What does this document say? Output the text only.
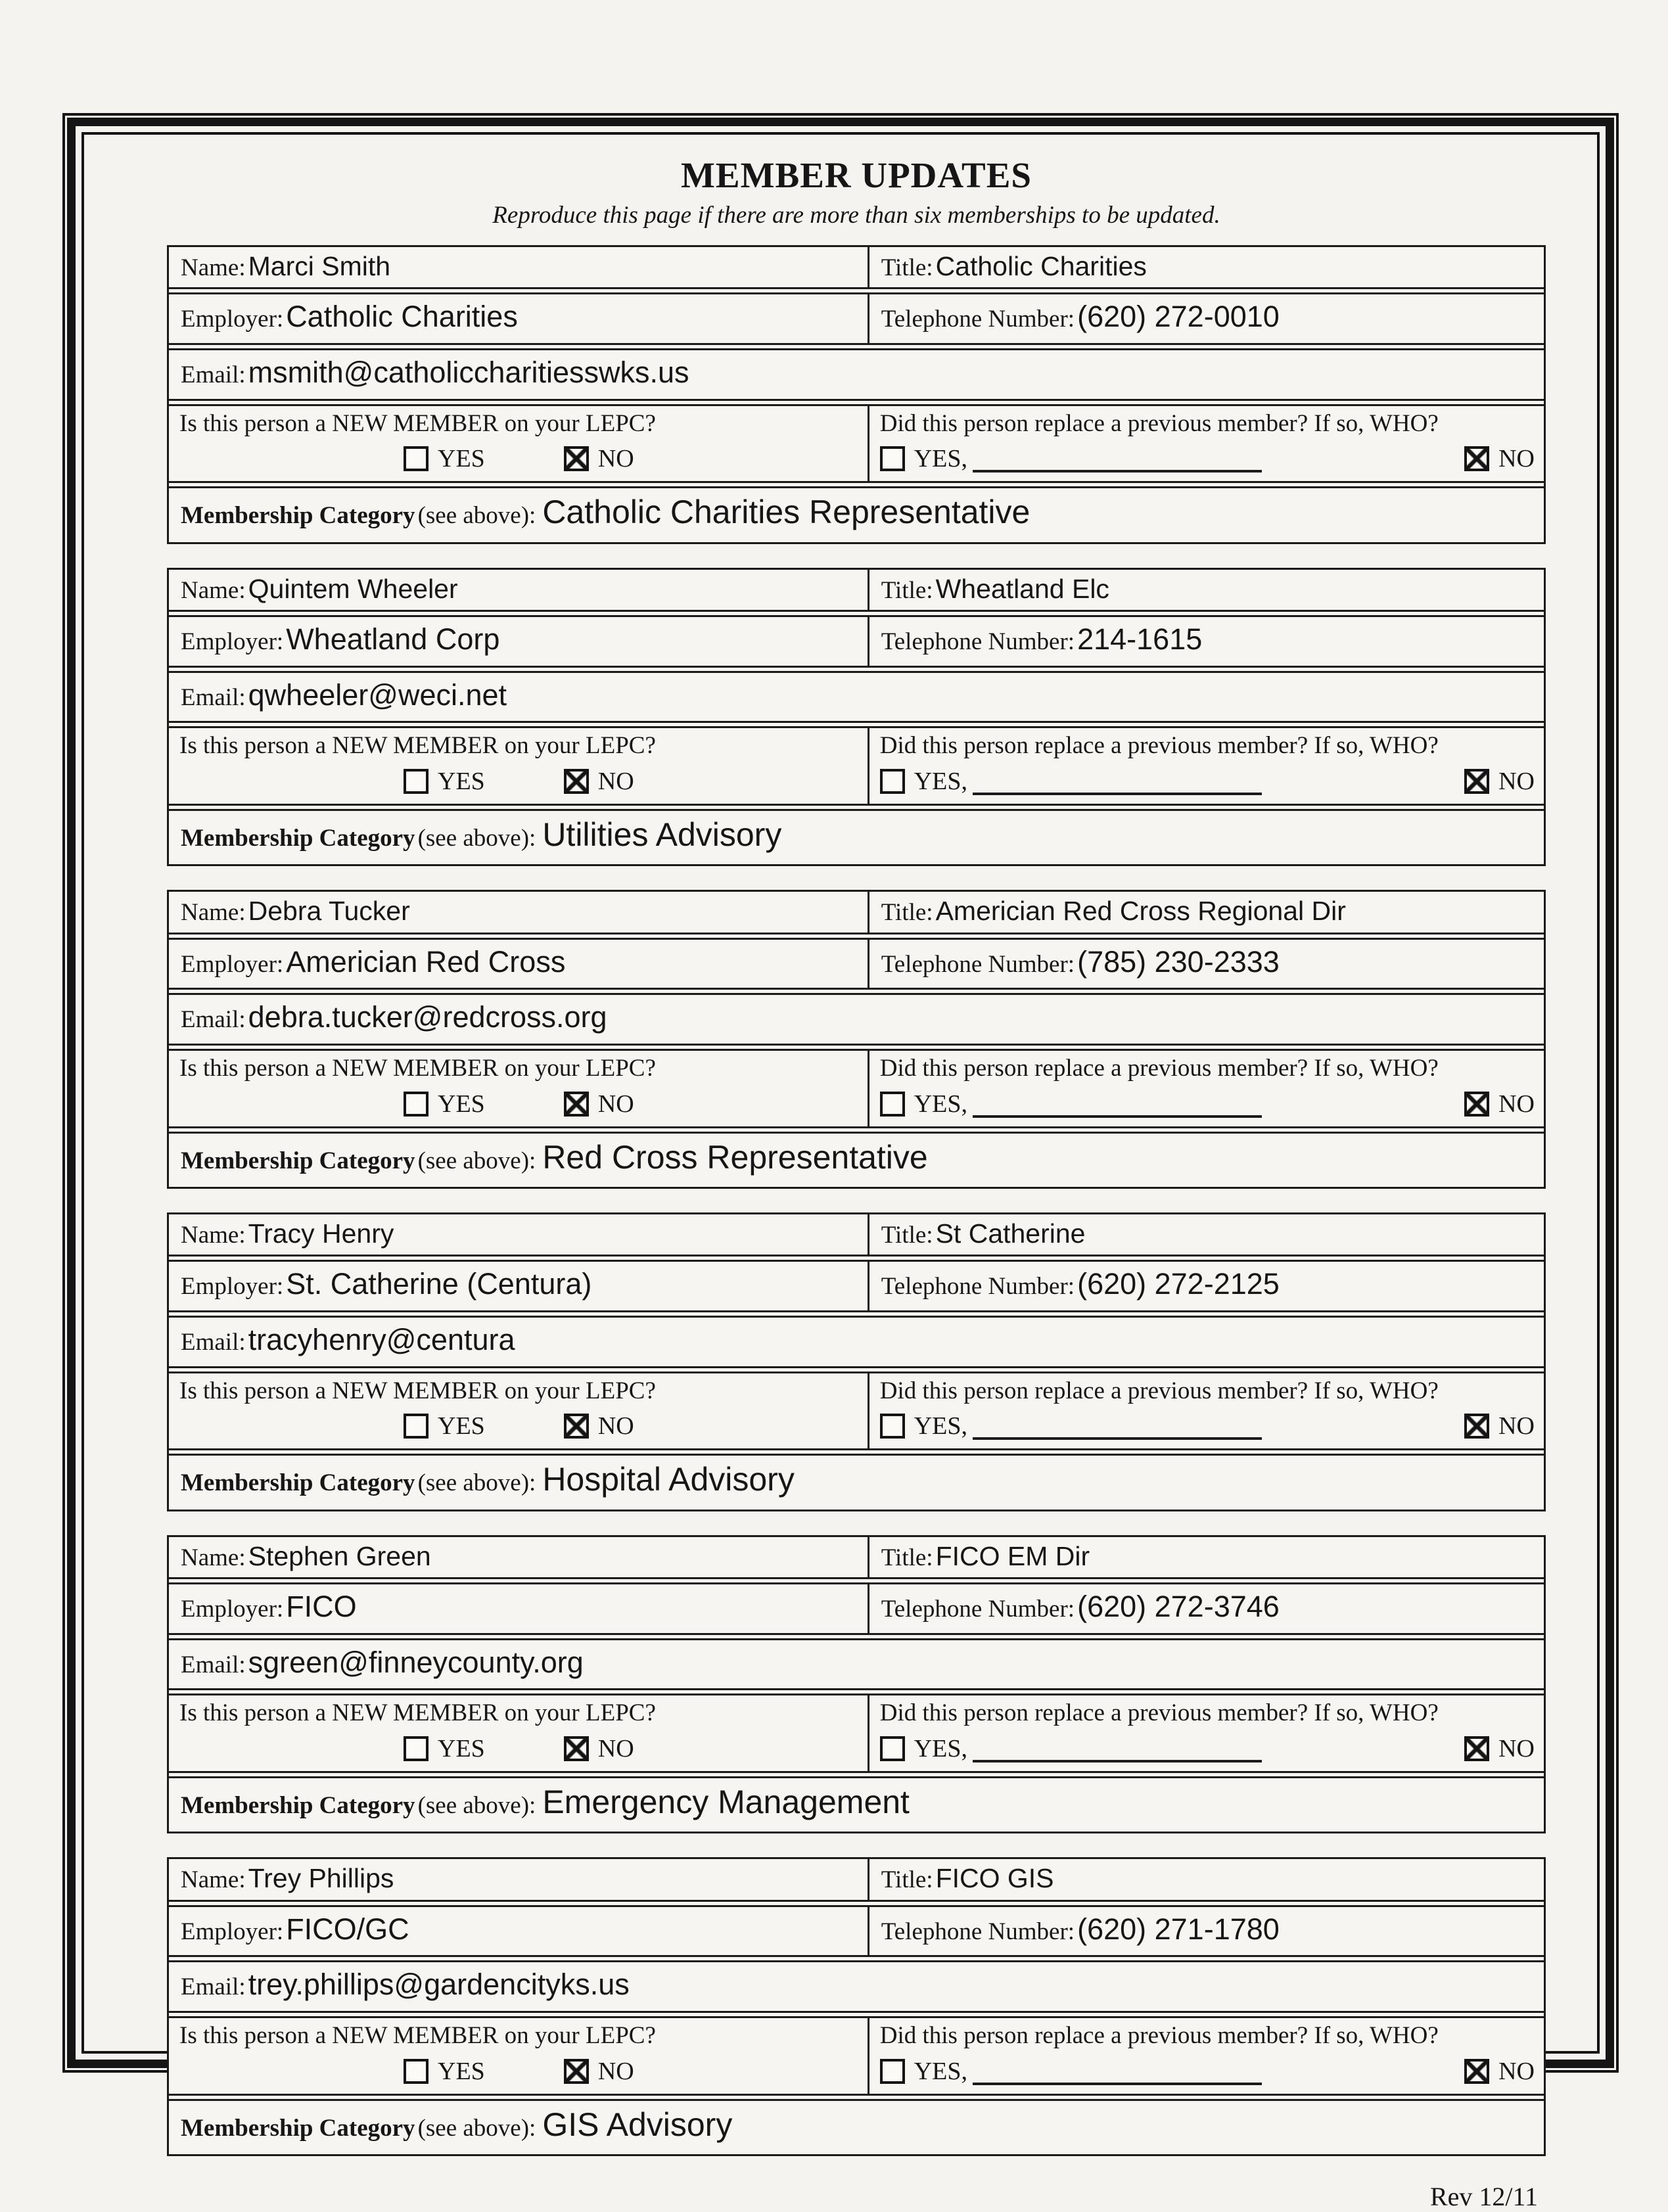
MEMBER UPDATES

Reproduce this page if there are more than six memberships to be updated.

Name: Marci Smith	Title: Catholic Charities
Employer: Catholic Charities	Telephone Number: (620) 272-0010
Email: msmith@catholiccharitiesswks.us
Is this person a NEW MEMBER on your LEPC?
YES	NO
Did this person replace a previous member? If so, WHO?
YES,	NO
Membership Category (see above): Catholic Charities Representative
Name: Quintem Wheeler	Title: Wheatland Elc
Employer: Wheatland Corp	Telephone Number: 214-1615
Email: qwheeler@weci.net
Is this person a NEW MEMBER on your LEPC?
YES	NO
Did this person replace a previous member? If so, WHO?
YES,	NO
Membership Category (see above): Utilities Advisory
Name: Debra Tucker	Title: Americian Red Cross Regional Dir
Employer: Americian Red Cross	Telephone Number: (785) 230-2333
Email: debra.tucker@redcross.org
Is this person a NEW MEMBER on your LEPC?
YES	NO
Did this person replace a previous member? If so, WHO?
YES,	NO
Membership Category (see above): Red Cross Representative
Name: Tracy Henry	Title: St Catherine
Employer: St. Catherine (Centura)	Telephone Number: (620) 272-2125
Email: tracyhenry@centura
Is this person a NEW MEMBER on your LEPC?
YES	NO
Did this person replace a previous member? If so, WHO?
YES,	NO
Membership Category (see above): Hospital Advisory
Name: Stephen Green	Title: FICO EM Dir
Employer: FICO	Telephone Number: (620) 272-3746
Email: sgreen@finneycounty.org
Is this person a NEW MEMBER on your LEPC?
YES	NO
Did this person replace a previous member? If so, WHO?
YES,	NO
Membership Category (see above): Emergency Management
Name: Trey Phillips	Title: FICO GIS
Employer: FICO/GC	Telephone Number: (620) 271-1780
Email: trey.phillips@gardencityks.us
Is this person a NEW MEMBER on your LEPC?
YES	NO
Did this person replace a previous member? If so, WHO?
YES,	NO
Membership Category (see above): GIS Advisory
Rev 12/11
